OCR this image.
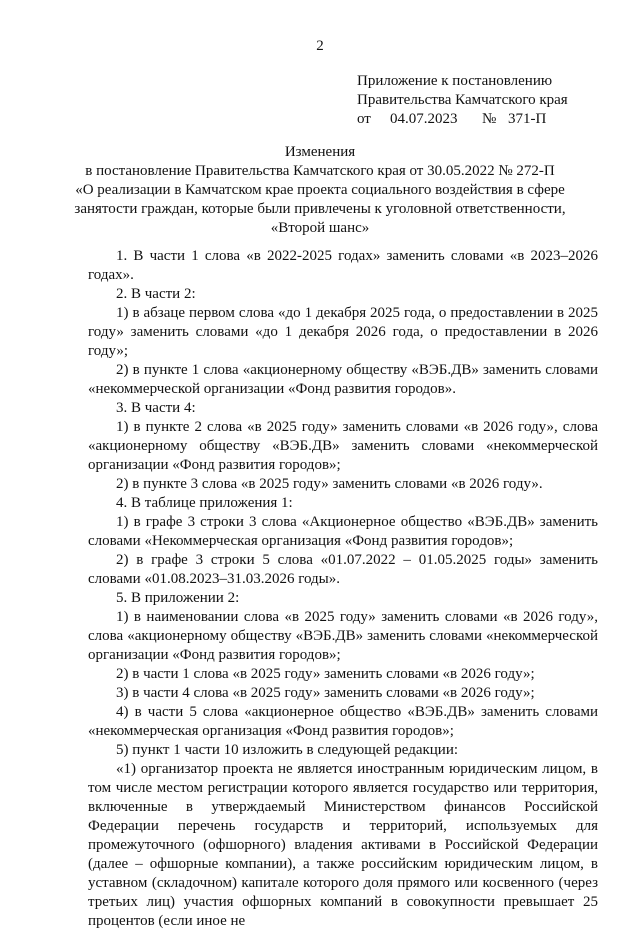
2
Приложение к постановлению
Правительства Камчатского края
от 04.07.2023 № 371-П
Изменения
в постановление Правительства Камчатского края от 30.05.2022 № 272-П
«О реализации в Камчатском крае проекта социального воздействия в сфере
занятости граждан, которые были привлечены к уголовной ответственности,
«Второй шанс»

1. В части 1 слова «в 2022-2025 годах» заменить словами «в 2023–2026 годах».

2. В части 2:

1) в абзаце первом слова «до 1 декабря 2025 года, о предоставлении в 2025 году» заменить словами «до 1 декабря 2026 года, о предоставлении в 2026 году»;

2) в пункте 1 слова «акционерному обществу «ВЭБ.ДВ» заменить словами «некоммерческой организации «Фонд развития городов».

3. В части 4:

1) в пункте 2 слова «в 2025 году» заменить словами «в 2026 году», слова «акционерному обществу «ВЭБ.ДВ» заменить словами «некоммерческой организации «Фонд развития городов»;

2) в пункте 3 слова «в 2025 году» заменить словами «в 2026 году».

4. В таблице приложения 1:

1) в графе 3 строки 3 слова «Акционерное общество «ВЭБ.ДВ» заменить словами «Некоммерческая организация «Фонд развития городов»;

2) в графе 3 строки 5 слова «01.07.2022 – 01.05.2025 годы» заменить словами «01.08.2023–31.03.2026 годы».

5. В приложении 2:

1) в наименовании слова «в 2025 году» заменить словами «в 2026 году», слова «акционерному обществу «ВЭБ.ДВ» заменить словами «некоммерческой организации «Фонд развития городов»;

2) в части 1 слова «в 2025 году» заменить словами «в 2026 году»;

3) в части 4 слова «в 2025 году» заменить словами «в 2026 году»;

4) в части 5 слова «акционерное общество «ВЭБ.ДВ» заменить словами «некоммерческая организация «Фонд развития городов»;

5) пункт 1 части 10 изложить в следующей редакции:

«1) организатор проекта не является иностранным юридическим лицом, в том числе местом регистрации которого является государство или территория, включенные в утверждаемый Министерством финансов Российской Федерации перечень государств и территорий, используемых для промежуточного (офшорного) владения активами в Российской Федерации (далее – офшорные компании), а также российским юридическим лицом, в уставном (складочном) капитале которого доля прямого или косвенного (через третьих лиц) участия офшорных компаний в совокупности превышает 25 процентов (если иное не
